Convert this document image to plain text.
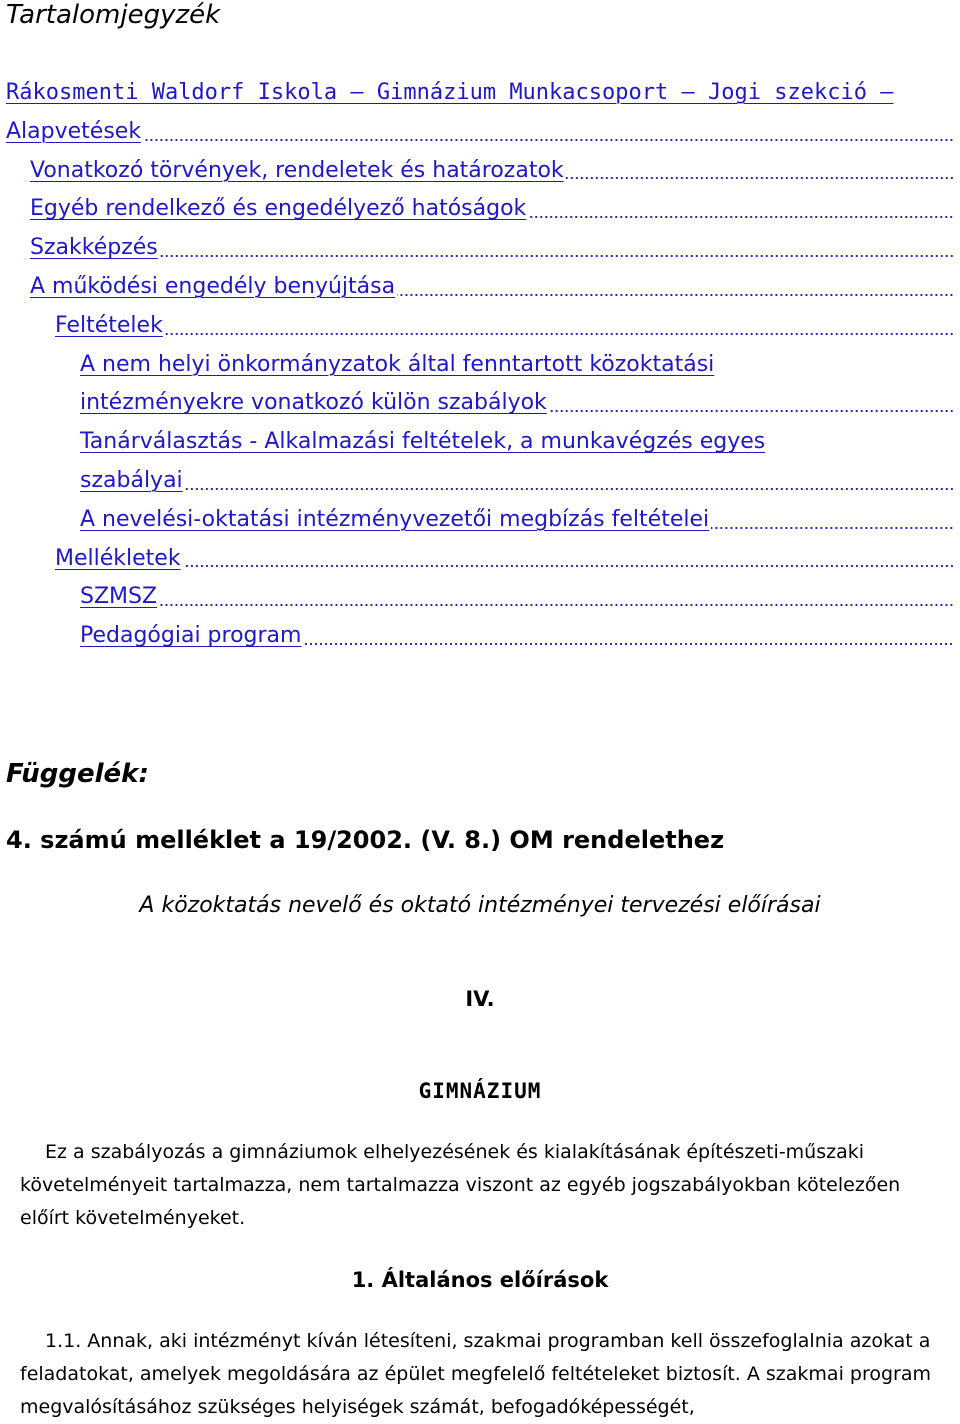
Tartalomjegyzék
Rákosmenti Waldorf Iskola – Gimnázium Munkacsoport – Jogi szekció –
Alapvetések
Vonatkozó törvények, rendeletek és határozatok
Egyéb rendelkező és engedélyező hatóságok
Szakképzés
A működési engedély benyújtása
Feltételek
A nem helyi önkormányzatok által fenntartott közoktatási
intézményekre vonatkozó külön szabályok
Tanárválasztás - Alkalmazási feltételek, a munkavégzés egyes
szabályai
A nevelési-oktatási intézményvezetői megbízás feltételei
Mellékletek
SZMSZ
Pedagógiai program
Függelék:

4. számú melléklet a 19/2002. (V. 8.) OM rendelethez

A közoktatás nevelő és oktató intézményei tervezési előírásai

IV.

GIMNÁZIUM

Ez a szabályozás a gimnáziumok elhelyezésének és kialakításának építészeti-műszaki követelményeit tartalmazza, nem tartalmazza viszont az egyéb jogszabályokban kötelezően előírt követelményeket.

1. Általános előírások

1.1. Annak, aki intézményt kíván létesíteni, szakmai programban kell összefoglalnia azokat a feladatokat, amelyek megoldására az épület megfelelő feltételeket biztosít. A szakmai program megvalósításához szükséges helyiségek számát, befogadóképességét,
